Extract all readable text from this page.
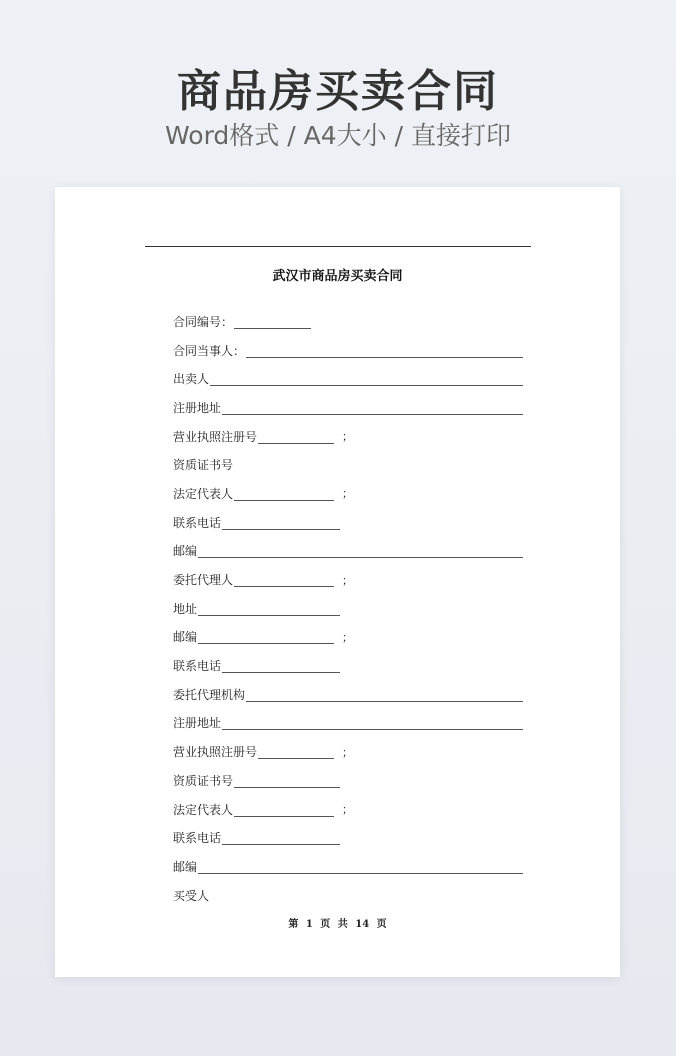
商品房买卖合同
Word格式 / A4大小 / 直接打印
武汉市商品房买卖合同
合同编号：
合同当事人：
出卖人
注册地址
营业执照注册号	；
资质证书号
法定代表人	；
联系电话
邮编
委托代理人	；
地址
邮编	；
联系电话
委托代理机构
注册地址
营业执照注册号	；
资质证书号
法定代表人	；
联系电话
邮编
买受人
第 1 页 共 14 页
